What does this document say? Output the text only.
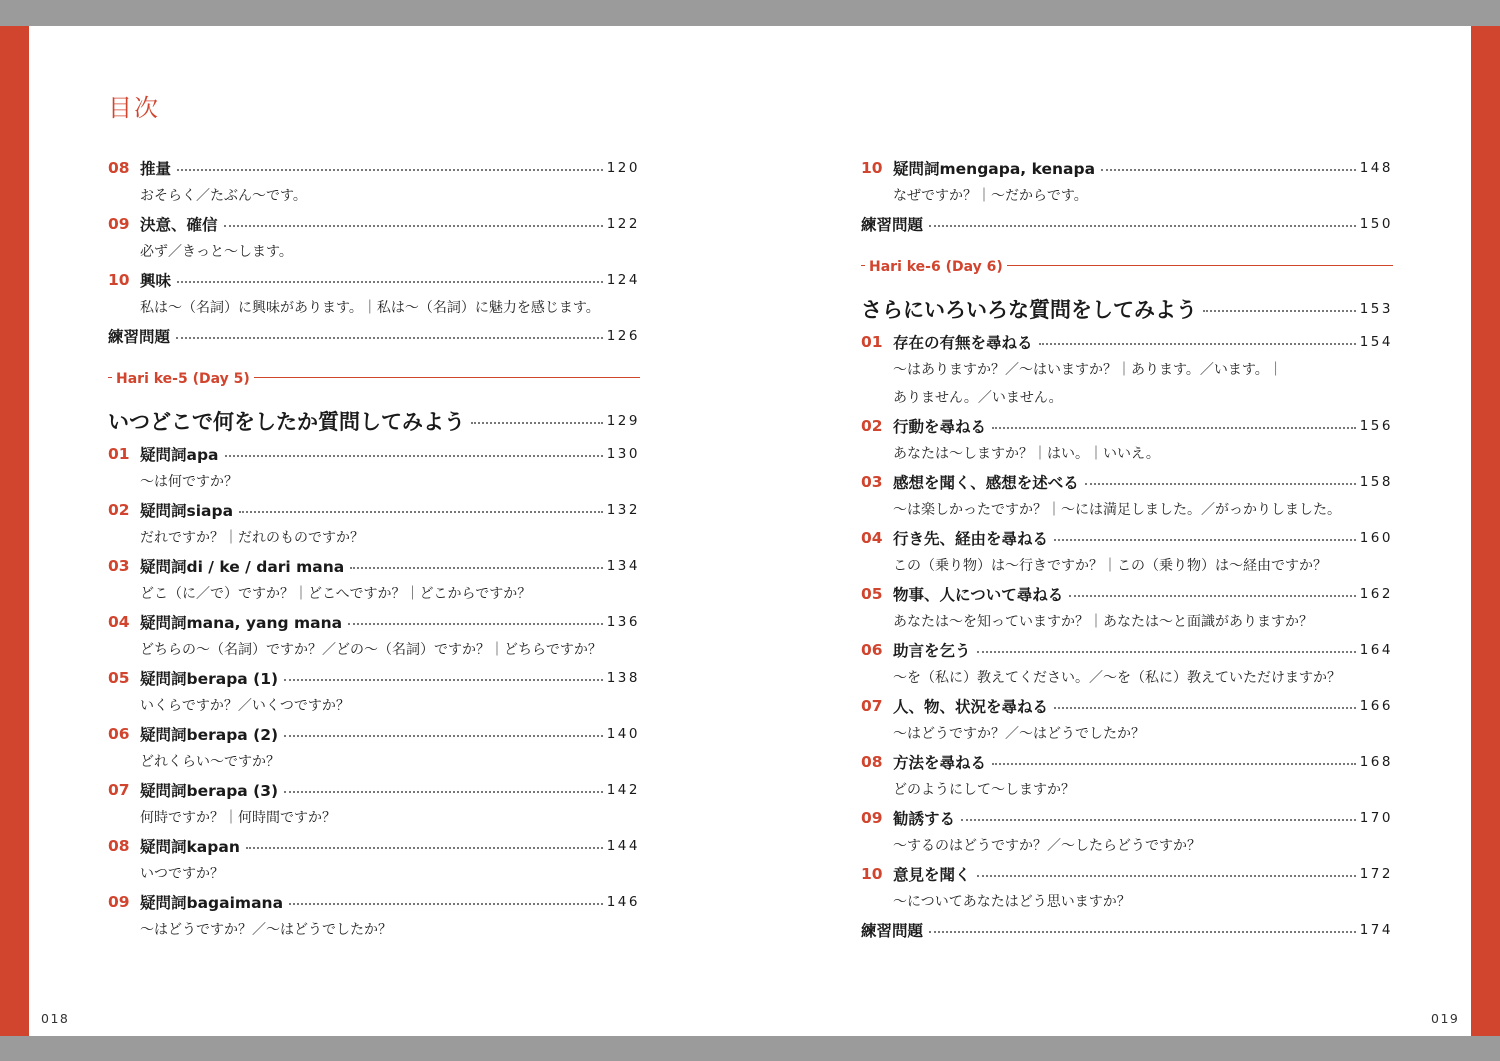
目次
08 推量	120
おそらく／たぶん〜です。
09 決意、確信	122
必ず／きっと〜します。
10 興味	124
私は〜（名詞）に興味があります。｜私は〜（名詞）に魅力を感じます。
練習問題	126
Hari ke-5 (Day 5)
いつどこで何をしたか質問してみよう	129
01 疑問詞apa	130
〜は何ですか？
02 疑問詞siapa	132
だれですか？｜だれのものですか？
03 疑問詞di / ke / dari mana	134
どこ（に／で）ですか？｜どこへですか？｜どこからですか？
04 疑問詞mana, yang mana	136
どちらの〜（名詞）ですか？／どの〜（名詞）ですか？｜どちらですか？
05 疑問詞berapa (1)	138
いくらですか？／いくつですか？
06 疑問詞berapa (2)	140
どれくらい〜ですか？
07 疑問詞berapa (3)	142
何時ですか？｜何時間ですか？
08 疑問詞kapan	144
いつですか？
09 疑問詞bagaimana	146
〜はどうですか？／〜はどうでしたか？
10 疑問詞mengapa, kenapa	148
なぜですか？｜〜だからです。
練習問題	150
Hari ke-6 (Day 6)
さらにいろいろな質問をしてみよう	153
01 存在の有無を尋ねる	154
〜はありますか？／〜はいますか？｜あります。／います。｜
ありません。／いません。
02 行動を尋ねる	156
あなたは〜しますか？｜はい。｜いいえ。
03 感想を聞く、感想を述べる	158
〜は楽しかったですか？｜〜には満足しました。／がっかりしました。
04 行き先、経由を尋ねる	160
この（乗り物）は〜行きですか？｜この（乗り物）は〜経由ですか？
05 物事、人について尋ねる	162
あなたは〜を知っていますか？｜あなたは〜と面識がありますか？
06 助言を乞う	164
〜を（私に）教えてください。／〜を（私に）教えていただけますか？
07 人、物、状況を尋ねる	166
〜はどうですか？／〜はどうでしたか？
08 方法を尋ねる	168
どのようにして〜しますか？
09 勧誘する	170
〜するのはどうですか？／〜したらどうですか？
10 意見を聞く	172
〜についてあなたはどう思いますか？
練習問題	174
018	019
